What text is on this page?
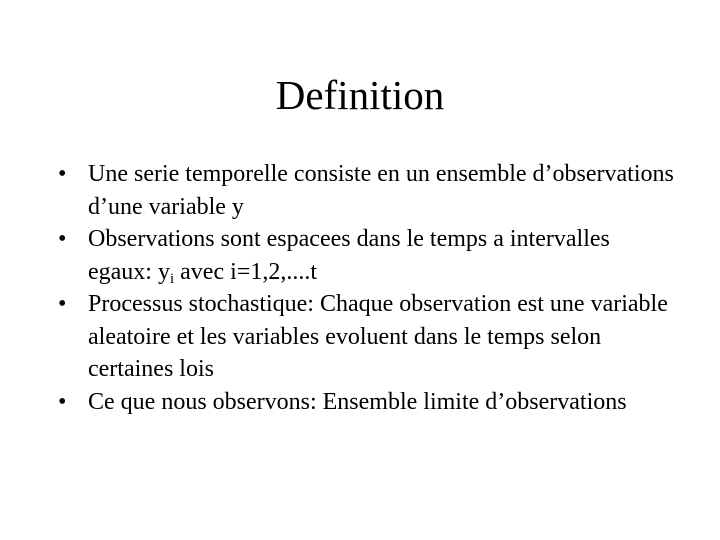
Definition
• Une serie temporelle consiste en un ensemble d’observations d’une variable y
• Observations sont espacees dans le temps a intervalles egaux: $y_i$ avec i=1,2,....t
• Processus stochastique: Chaque observation est une variable aleatoire et les variables evoluent dans le temps selon certaines lois
• Ce que nous observons: Ensemble limite d’observations
